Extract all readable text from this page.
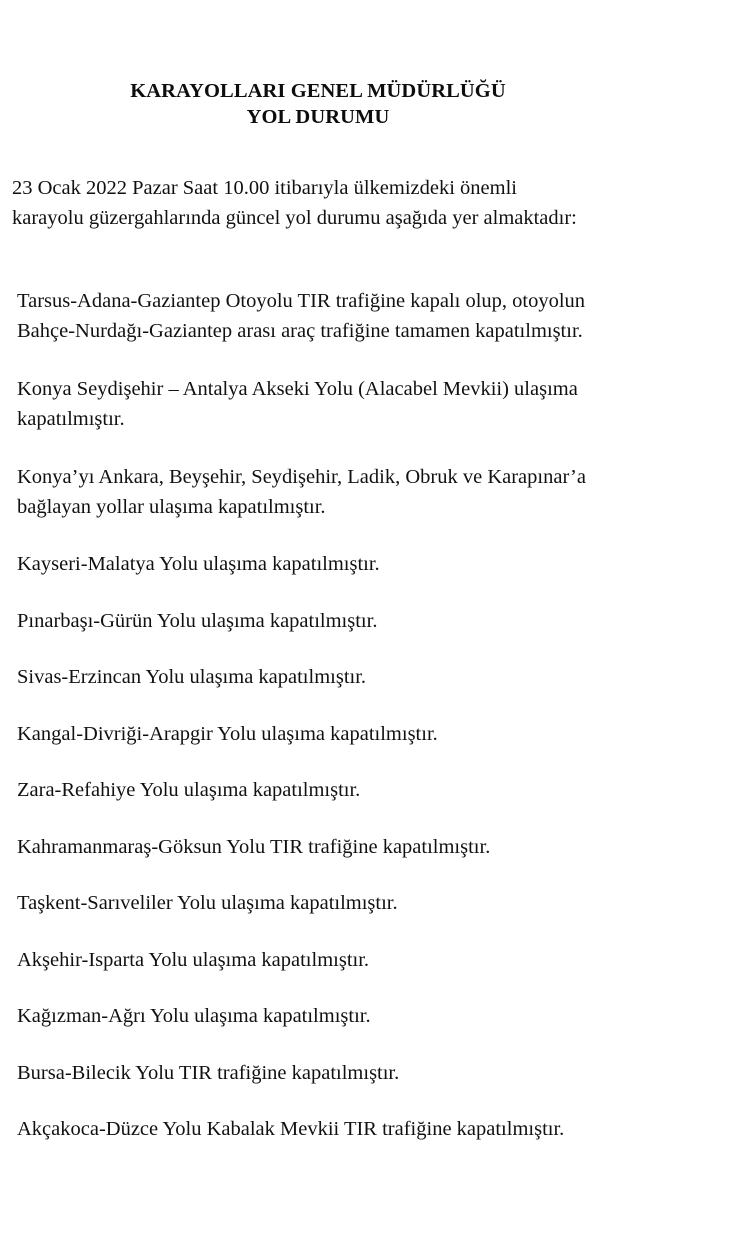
KARAYOLLARI GENEL MÜDÜRLÜĞÜ
YOL DURUMU
23 Ocak 2022 Pazar Saat 10.00 itibarıyla ülkemizdeki önemli
karayolu güzergahlarında güncel yol durumu aşağıda yer almaktadır:
Tarsus-Adana-Gaziantep Otoyolu TIR trafiğine kapalı olup, otoyolun
Bahçe-Nurdağı-Gaziantep arası araç trafiğine tamamen kapatılmıştır.
Konya Seydişehir – Antalya Akseki Yolu (Alacabel Mevkii) ulaşıma
kapatılmıştır.
Konya’yı Ankara, Beyşehir, Seydişehir, Ladik, Obruk ve Karapınar’a
bağlayan yollar ulaşıma kapatılmıştır.
Kayseri-Malatya Yolu ulaşıma kapatılmıştır.
Pınarbaşı-Gürün Yolu ulaşıma kapatılmıştır.
Sivas-Erzincan Yolu ulaşıma kapatılmıştır.
Kangal-Divriği-Arapgir Yolu ulaşıma kapatılmıştır.
Zara-Refahiye Yolu ulaşıma kapatılmıştır.
Kahramanmaraş-Göksun Yolu TIR trafiğine kapatılmıştır.
Taşkent-Sarıveliler Yolu ulaşıma kapatılmıştır.
Akşehir-Isparta Yolu ulaşıma kapatılmıştır.
Kağızman-Ağrı Yolu ulaşıma kapatılmıştır.
Bursa-Bilecik Yolu TIR trafiğine kapatılmıştır.
Akçakoca-Düzce Yolu Kabalak Mevkii TIR trafiğine kapatılmıştır.
